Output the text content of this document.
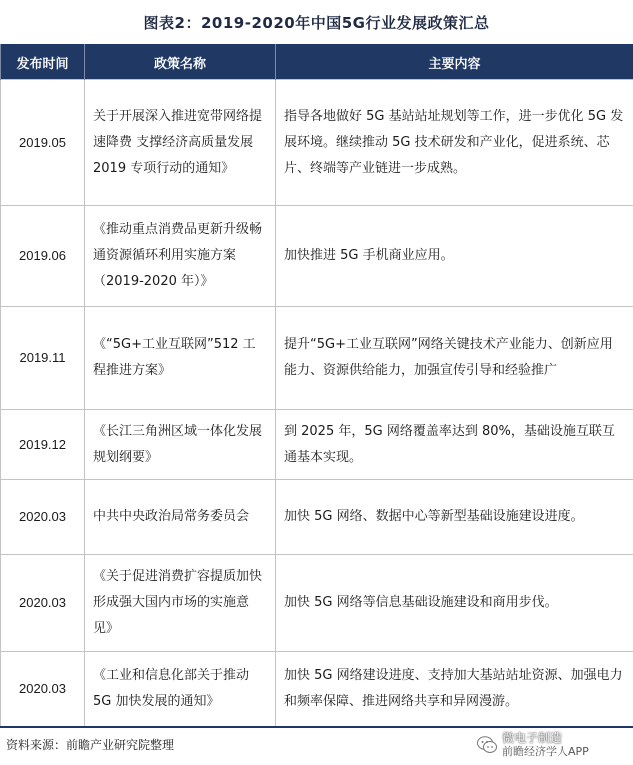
图表2：2019-2020年中国5G行业发展政策汇总
发布时间	政策名称	主要内容
2019.05	关于开展深入推进宽带网络提速降费 支撑经济高质量发展 2019 专项行动的通知》	指导各地做好 5G 基站站址规划等工作，进一步优化 5G 发展环境。继续推动 5G 技术研发和产业化，促进系统、芯片、终端等产业链进一步成熟。
2019.06	《推动重点消费品更新升级畅通资源循环利用实施方案（2019-2020 年）》	加快推进 5G 手机商业应用。
2019.11	《“5G+工业互联网”512 工程推进方案》	提升“5G+工业互联网”网络关键技术产业能力、创新应用能力、资源供给能力，加强宣传引导和经验推广
2019.12	《长江三角洲区域一体化发展规划纲要》	到 2025 年，5G 网络覆盖率达到 80%，基础设施互联互通基本实现。
2020.03	中共中央政治局常务委员会	加快 5G 网络、数据中心等新型基础设施建设进度。
2020.03	《关于促进消费扩容提质加快形成强大国内市场的实施意见》	加快 5G 网络等信息基础设施建设和商用步伐。
2020.03	《工业和信息化部关于推动 5G 加快发展的通知》	加快 5G 网络建设进度、支持加大基站站址资源、加强电力和频率保障、推进网络共享和异网漫游。
资料来源：前瞻产业研究院整理	微电子制造
前瞻经济学人APP
